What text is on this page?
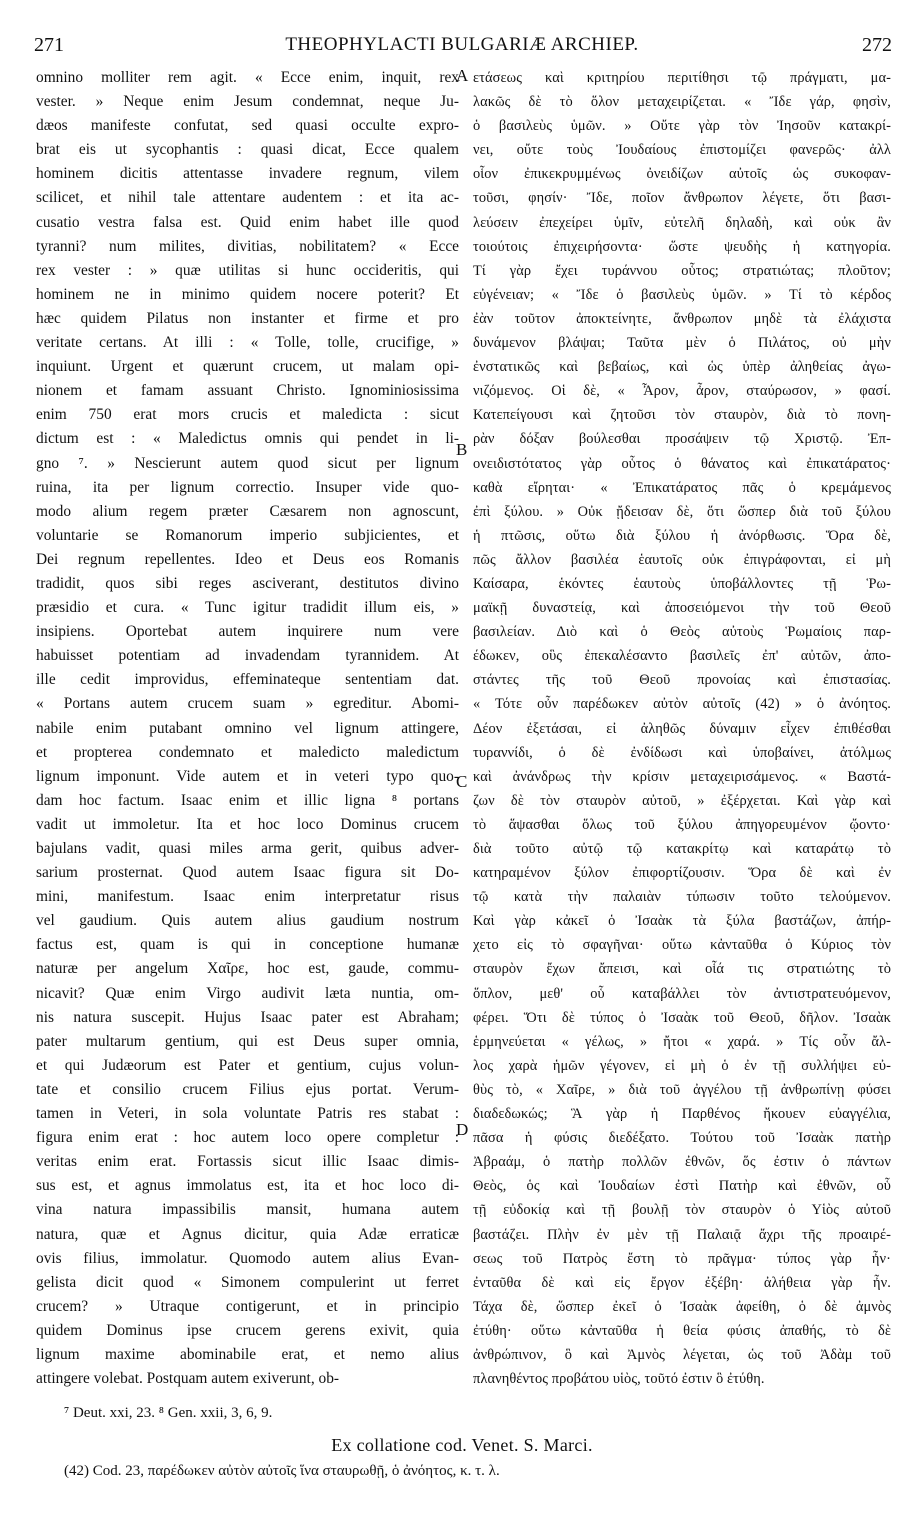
271	THEOPHYLACTI BULGARIÆ ARCHIEP.	272
omnino molliter rem agit. « Ecce enim, inquit, rex
vester. » Neque enim Jesum condemnat, neque Ju-
dæos manifeste confutat, sed quasi occulte expro-
brat eis ut sycophantis : quasi dicat, Ecce qualem
hominem dicitis attentasse invadere regnum, vilem
scilicet, et nihil tale attentare audentem : et ita ac-
cusatio vestra falsa est. Quid enim habet ille quod
tyranni? num milites, divitias, nobilitatem? « Ecce
rex vester : » quæ utilitas si hunc occideritis, qui
hominem ne in minimo quidem nocere poterit? Et
hæc quidem Pilatus non instanter et firme et pro
veritate certans. At illi : « Tolle, tolle, crucifige, »
inquiunt. Urgent et quærunt crucem, ut malam opi-
nionem et famam assuant Christo. Ignominiosissima
enim 750 erat mors crucis et maledicta : sicut
dictum est : « Maledictus omnis qui pendet in li-
gno ⁷. » Nescierunt autem quod sicut per lignum
ruina, ita per lignum correctio. Insuper vide quo-
modo alium regem præter Cæsarem non agnoscunt,
voluntarie se Romanorum imperio subjicientes, et
Dei regnum repellentes. Ideo et Deus eos Romanis
tradidit, quos sibi reges asciverant, destitutos divino
præsidio et cura. « Tunc igitur tradidit illum eis, »
insipiens. Oportebat autem inquirere num vere
habuisset potentiam ad invadendam tyrannidem. At
ille cedit improvidus, effeminateque sententiam dat.
« Portans autem crucem suam » egreditur. Abomi-
nabile enim putabant omnino vel lignum attingere,
et propterea condemnato et maledicto maledictum
lignum imponunt. Vide autem et in veteri typo quo-
dam hoc factum. Isaac enim et illic ligna ⁸ portans
vadit ut immoletur. Ita et hoc loco Dominus crucem
bajulans vadit, quasi miles arma gerit, quibus adver-
sarium prosternat. Quod autem Isaac figura sit Do-
mini, manifestum. Isaac enim interpretatur risus
vel gaudium. Quis autem alius gaudium nostrum
factus est, quam is qui in conceptione humanæ
naturæ per angelum Χαῖρε, hoc est, gaude, commu-
nicavit? Quæ enim Virgo audivit læta nuntia, om-
nis natura suscepit. Hujus Isaac pater est Abraham;
pater multarum gentium, qui est Deus super omnia,
et qui Judæorum est Pater et gentium, cujus volun-
tate et consilio crucem Filius ejus portat. Verum-
tamen in Veteri, in sola voluntate Patris res stabat :
figura enim erat : hoc autem loco opere completur :
veritas enim erat. Fortassis sicut illic Isaac dimis-
sus est, et agnus immolatus est, ita et hoc loco di-
vina natura impassibilis mansit, humana autem
natura, quæ et Agnus dicitur, quia Adæ erraticæ
ovis filius, immolatur. Quomodo autem alius Evan-
gelista dicit quod « Simonem compulerint ut ferret
crucem? » Utraque contigerunt, et in principio
quidem Dominus ipse crucem gerens exivit, quia
lignum maxime abominabile erat, et nemo alius
attingere volebat. Postquam autem exiverunt, ob-
ετάσεως καὶ κριτηρίου περιτίθησι τῷ πράγματι, μα-
λακῶς δὲ τὸ ὅλον μεταχειρίζεται. « Ἴδε γάρ, φησὶν,
ὁ βασιλεὺς ὑμῶν. » Οὔτε γὰρ τὸν Ἰησοῦν κατακρί-
νει, οὔτε τοὺς Ἰουδαίους ἐπιστομίζει φανερῶς· ἀλλ
οἷον ἐπικεκρυμμένως ὀνειδίζων αὐτοῖς ὡς συκοφαν-
τοῦσι, φησίν· Ἴδε, ποῖον ἄνθρωπον λέγετε, ὅτι βασι-
λεύσειν ἐπεχείρει ὑμῖν, εὐτελῆ δηλαδὴ, καὶ οὐκ ἂν
τοιούτοις ἐπιχειρήσοντα· ὥστε ψευδὴς ἡ κατηγορία.
Τί γὰρ ἔχει τυράννου οὗτος; στρατιώτας; πλοῦτον;
εὐγένειαν; « Ἴδε ὁ βασιλεὺς ὑμῶν. » Τί τὸ κέρδος
ἐὰν τοῦτον ἀποκτείνητε, ἄνθρωπον μηδὲ τὰ ἐλάχιστα
δυνάμενον βλάψαι; Ταῦτα μὲν ὁ Πιλάτος, οὐ μὴν
ἐνστατικῶς καὶ βεβαίως, καὶ ὡς ὑπὲρ ἀληθείας ἀγω-
νιζόμενος. Οἱ δὲ, « Ἆρον, ἆρον, σταύρωσον, » φασί.
Κατεπείγουσι καὶ ζητοῦσι τὸν σταυρὸν, διὰ τὸ πονη-
ρὰν δόξαν βούλεσθαι προσάψειν τῷ Χριστῷ. Ἐπ-
ονειδιστότατος γὰρ οὗτος ὁ θάνατος καὶ ἐπικατάρατος·
καθὰ εἴρηται· « Ἐπικατάρατος πᾶς ὁ κρεμάμενος
ἐπὶ ξύλου. » Οὐκ ᾔδεισαν δὲ, ὅτι ὥσπερ διὰ τοῦ ξύλου
ἡ πτῶσις, οὕτω διὰ ξύλου ἡ ἀνόρθωσις. Ὅρα δὲ,
πῶς ἄλλον βασιλέα ἑαυτοῖς οὐκ ἐπιγράφονται, εἰ μὴ
Καίσαρα, ἑκόντες ἑαυτοὺς ὑποβάλλοντες τῇ Ῥω-
μαϊκῇ δυναστείᾳ, καὶ ἀποσειόμενοι τὴν τοῦ Θεοῦ
βασιλείαν. Διὸ καὶ ὁ Θεὸς αὐτοὺς Ῥωμαίοις παρ-
έδωκεν, οὓς ἐπεκαλέσαντο βασιλεῖς ἐπ' αὐτῶν, ἀπο-
στάντες τῆς τοῦ Θεοῦ προνοίας καὶ ἐπιστασίας.
« Τότε οὖν παρέδωκεν αὐτὸν αὐτοῖς (42) » ὁ ἀνόητος.
Δέον ἐξετάσαι, εἰ ἀληθῶς δύναμιν εἶχεν ἐπιθέσθαι
τυραννίδι, ὁ δὲ ἐνδίδωσι καὶ ὑποβαίνει, ἀτόλμως
καὶ ἀνάνδρως τὴν κρίσιν μεταχειρισάμενος. « Βαστά-
ζων δὲ τὸν σταυρὸν αὐτοῦ, » ἐξέρχεται. Καὶ γὰρ καὶ
τὸ ἅψασθαι ὅλως τοῦ ξύλου ἀπηγορευμένον ᾤοντο·
διὰ τοῦτο αὐτῷ τῷ κατακρίτῳ καὶ καταράτῳ τὸ
κατηραμένον ξύλον ἐπιφορτίζουσιν. Ὅρα δὲ καὶ ἐν
τῷ κατὰ τὴν παλαιὰν τύπωσιν τοῦτο τελούμενον.
Καὶ γὰρ κἀκεῖ ὁ Ἰσαὰκ τὰ ξύλα βαστάζων, ἀπήρ-
χετο εἰς τὸ σφαγῆναι· οὕτω κἀνταῦθα ὁ Κύριος τὸν
σταυρὸν ἔχων ἄπεισι, καὶ οἷά τις στρατιώτης τὸ
ὅπλον, μεθ' οὗ καταβάλλει τὸν ἀντιστρατευόμενον,
φέρει. Ὅτι δὲ τύπος ὁ Ἰσαὰκ τοῦ Θεοῦ, δῆλον. Ἰσαὰκ
ἑρμηνεύεται « γέλως, » ἤτοι « χαρά. » Τίς οὖν ἄλ-
λος χαρὰ ἡμῶν γέγονεν, εἰ μὴ ὁ ἐν τῇ συλλήψει εὐ-
θὺς τὸ, « Χαῖρε, » διὰ τοῦ ἀγγέλου τῇ ἀνθρωπίνῃ φύσει
διαδεδωκώς; Ἃ γὰρ ἡ Παρθένος ἤκουεν εὐαγγέλια,
πᾶσα ἡ φύσις διεδέξατο. Τούτου τοῦ Ἰσαὰκ πατὴρ
Ἀβραάμ, ὁ πατὴρ πολλῶν ἐθνῶν, ὅς ἐστιν ὁ πάντων
Θεὸς, ὁς καὶ Ἰουδαίων ἐστὶ Πατὴρ καὶ ἐθνῶν, οὗ
τῇ εὐδοκίᾳ καὶ τῇ βουλῇ τὸν σταυρὸν ὁ Υἱὸς αὐτοῦ
βαστάζει. Πλὴν ἐν μὲν τῇ Παλαιᾷ ἄχρι τῆς προαιρέ-
σεως τοῦ Πατρὸς ἔστη τὸ πρᾶγμα· τύπος γὰρ ἦν·
ἐνταῦθα δὲ καὶ εἰς ἔργον ἐξέβη· ἀλήθεια γὰρ ἦν.
Τάχα δὲ, ὥσπερ ἐκεῖ ὁ Ἰσαὰκ ἀφείθη, ὁ δὲ ἀμνὸς
ἐτύθη· οὕτω κἀνταῦθα ἡ θεία φύσις ἀπαθής, τὸ δὲ
ἀνθρώπινον, ὃ καὶ Ἀμνὸς λέγεται, ὡς τοῦ Ἀδὰμ τοῦ
πλανηθέντος προβάτου υἱὸς, τοῦτό ἐστιν ὃ ἐτύθη.
A
B
C
D
⁷ Deut. xxi, 23. ⁸ Gen. xxii, 3, 6, 9.
Ex collatione cod. Venet. S. Marci.
(42) Cod. 23, παρέδωκεν αὐτὸν αὐτοῖς ἵνα σταυρωθῇ, ὁ ἀνόητος, κ. τ. λ.
